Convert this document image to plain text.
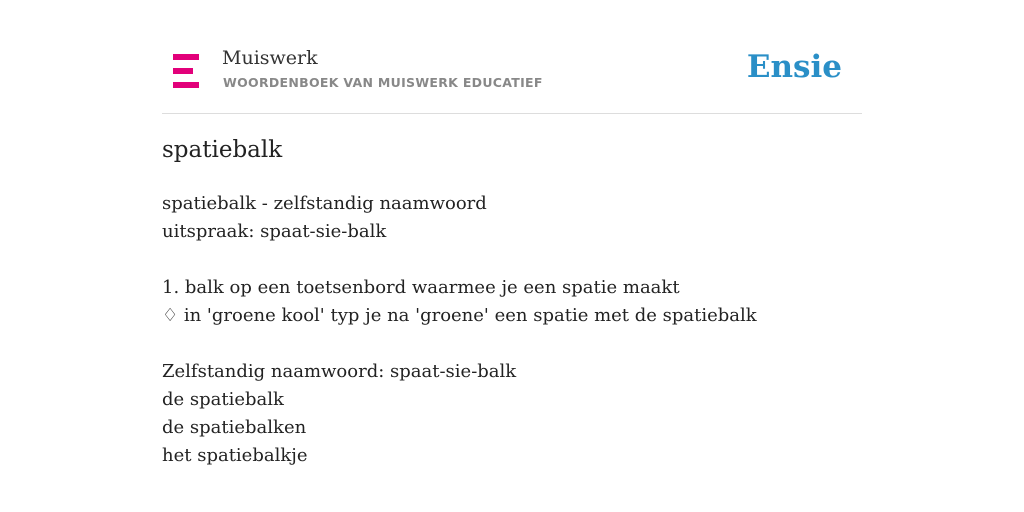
Muiswerk
WOORDENBOEK VAN MUISWERK EDUCATIEF	Ensie
spatiebalk
spatiebalk - zelfstandig naamwoord
uitspraak: spaat-sie-balk
1. balk op een toetsenbord waarmee je een spatie maakt
♢ in 'groene kool' typ je na 'groene' een spatie met de spatiebalk
Zelfstandig naamwoord: spaat-sie-balk
de spatiebalk
de spatiebalken
het spatiebalkje
